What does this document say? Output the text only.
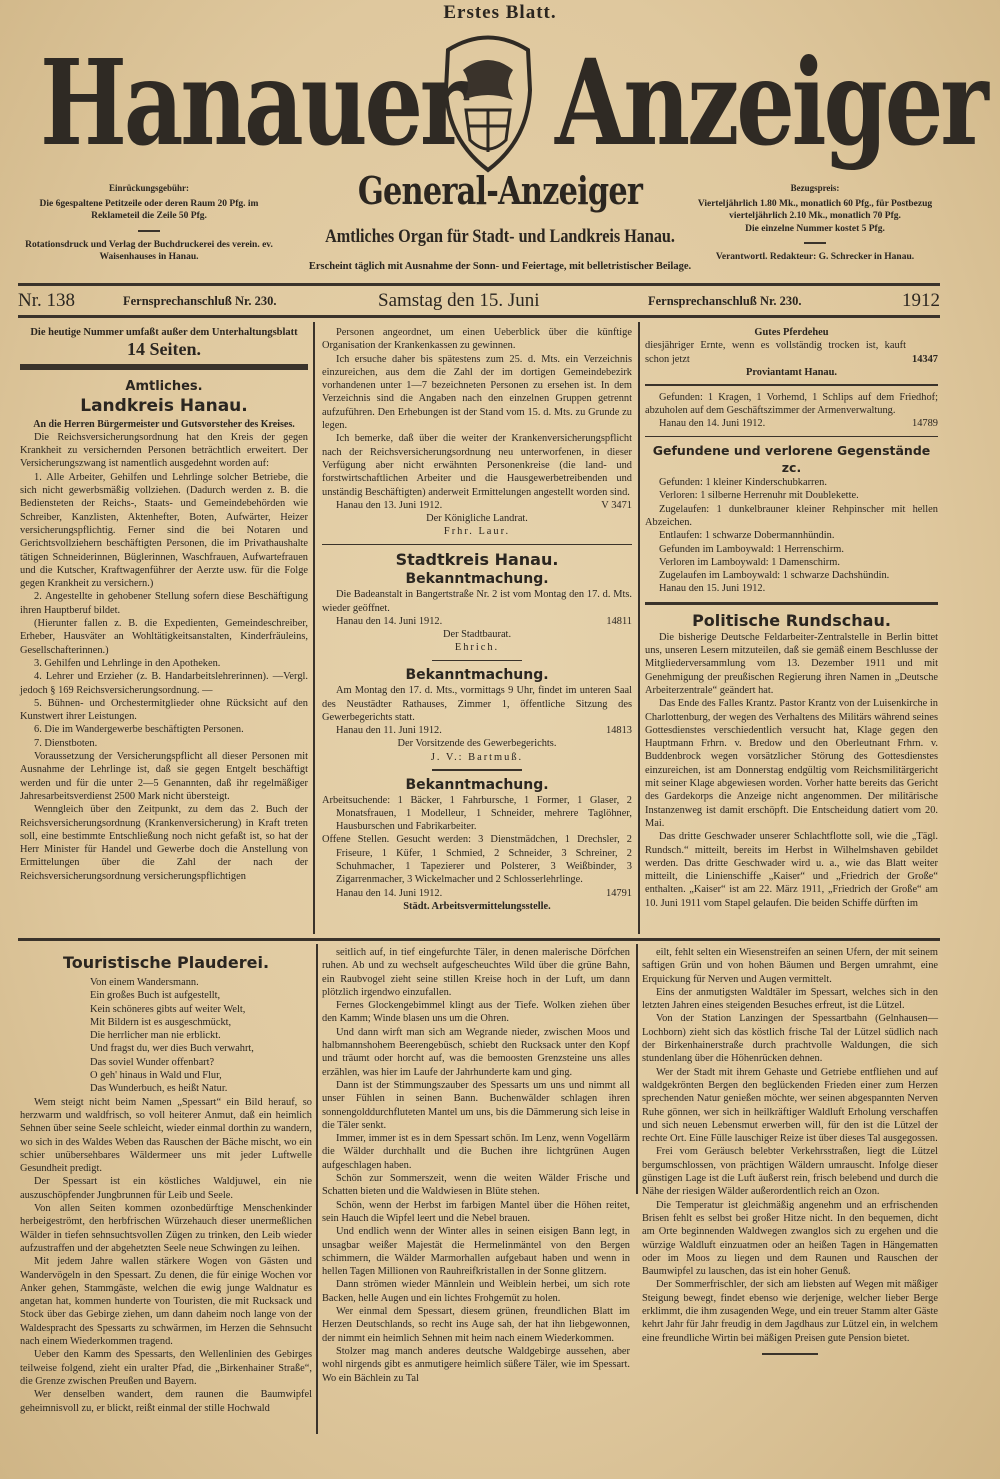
Erstes Blatt.
Hanauer Anzeiger
Einrückungsgebühr:
Die 6gespaltene Petitzeile oder deren Raum 20 Pfg. im Reklameteil die Zeile 50 Pfg.
Rotationsdruck und Verlag der Buchdruckerei des verein. ev. Waisenhauses in Hanau.
General-Anzeiger
Amtliches Organ für Stadt- und Landkreis Hanau.
Erscheint täglich mit Ausnahme der Sonn- und Feiertage, mit belletristischer Beilage.
Bezugspreis:
Vierteljährlich 1.80 Mk., monatlich 60 Pfg., für Postbezug vierteljährlich 2.10 Mk., monatlich 70 Pfg.
Die einzelne Nummer kostet 5 Pfg.
Verantwortl. Redakteur: G. Schrecker in Hanau.
Nr. 138	Fernsprechanschluß Nr. 230.	Samstag den 15. Juni	Fernsprechanschluß Nr. 230.	1912
Die heutige Nummer umfaßt außer dem Unterhaltungsblatt
14 Seiten.
Amtliches.
Landkreis Hanau.
An die Herren Bürgermeister und Gutsvorsteher des Kreises.

Die Reichsversicherungsordnung hat den Kreis der gegen Krankheit zu versichernden Personen beträchtlich erweitert. Der Versicherungszwang ist namentlich ausgedehnt worden auf:

1. Alle Arbeiter, Gehilfen und Lehrlinge solcher Betriebe, die sich nicht gewerbsmäßig vollziehen. (Dadurch werden z. B. die Bediensteten der Reichs-, Staats- und Gemeindebehörden wie Schreiber, Kanzlisten, Aktenhefter, Boten, Aufwärter, Heizer versicherungspflichtig. Ferner sind die bei Notaren und Gerichtsvollziehern beschäftigten Personen, die im Privathaushalte tätigen Schneiderinnen, Büglerinnen, Waschfrauen, Aufwartefrauen und die Kutscher, Kraftwagenführer der Aerzte usw. für die Folge gegen Krankheit zu versichern.)

2. Angestellte in gehobener Stellung sofern diese Beschäftigung ihren Hauptberuf bildet.

(Hierunter fallen z. B. die Expedienten, Gemeindeschreiber, Erheber, Hausväter an Wohltätigkeitsanstalten, Kinderfräuleins, Gesellschafterinnen.)

3. Gehilfen und Lehrlinge in den Apotheken.

4. Lehrer und Erzieher (z. B. Handarbeitslehrerinnen). —Vergl. jedoch § 169 Reichsversicherungsordnung. —

5. Bühnen- und Orchestermitglieder ohne Rücksicht auf den Kunstwert ihrer Leistungen.

6. Die im Wandergewerbe beschäftigten Personen.

7. Dienstboten.

Voraussetzung der Versicherungspflicht all dieser Personen mit Ausnahme der Lehrlinge ist, daß sie gegen Entgelt beschäftigt werden und für die unter 2—5 Genannten, daß ihr regelmäßiger Jahresarbeitsverdienst 2500 Mark nicht übersteigt.

Wenngleich über den Zeitpunkt, zu dem das 2. Buch der Reichsversicherungsordnung (Krankenversicherung) in Kraft treten soll, eine bestimmte Entschließung noch nicht gefaßt ist, so hat der Herr Minister für Handel und Gewerbe doch die Anstellung von Ermittelungen über die Zahl der nach der Reichsversicherungsordnung versicherungspflichtigen

Personen angeordnet, um einen Ueberblick über die künftige Organisation der Krankenkassen zu gewinnen.

Ich ersuche daher bis spätestens zum 25. d. Mts. ein Verzeichnis einzureichen, aus dem die Zahl der im dortigen Gemeindebezirk vorhandenen unter 1—7 bezeichneten Personen zu ersehen ist. In dem Verzeichnis sind die Angaben nach den einzelnen Gruppen getrennt aufzuführen. Den Erhebungen ist der Stand vom 15. d. Mts. zu Grunde zu legen.

Ich bemerke, daß über die weiter der Krankenversicherungspflicht nach der Reichsversicherungsordnung neu unterworfenen, in dieser Verfügung aber nicht erwähnten Personenkreise (die land- und forstwirtschaftlichen Arbeiter und die Hausgewerbetreibenden und unständig Beschäftigten) anderweit Ermittelungen angestellt worden sind.

Hanau den 13. Juni 1912.	V 3471
Der Königliche Landrat.
Frhr. Laur.
Stadtkreis Hanau.
Bekanntmachung.

Die Badeanstalt in Bangertstraße Nr. 2 ist vom Montag den 17. d. Mts. wieder geöffnet.

Hanau den 14. Juni 1912.	14811
Der Stadtbaurat.
Ehrich.
Bekanntmachung.

Am Montag den 17. d. Mts., vormittags 9 Uhr, findet im unteren Saal des Neustädter Rathauses, Zimmer 1, öffentliche Sitzung des Gewerbegerichts statt.

Hanau den 11. Juni 1912.	14813
Der Vorsitzende des Gewerbegerichts.
J. V.: Bartmuß.
Bekanntmachung.

Arbeitsuchende: 1 Bäcker, 1 Fahrbursche, 1 Former, 1 Glaser, 2 Monatsfrauen, 1 Modelleur, 1 Schneider, mehrere Taglöhner, Hausburschen und Fabrikarbeiter.

Offene Stellen. Gesucht werden: 3 Dienstmädchen, 1 Drechsler, 2 Friseure, 1 Küfer, 1 Schmied, 2 Schneider, 3 Schreiner, 2 Schuhmacher, 1 Tapezierer und Polsterer, 3 Weißbinder, 3 Zigarrenmacher, 3 Wickelmacher und 2 Schlosserlehrlinge.

Hanau den 14. Juni 1912.	14791
Städt. Arbeitsvermittelungsstelle.
Gutes Pferdeheu
diesjähriger Ernte, wenn es vollständig trocken ist, kauft schon jetzt	14347
Proviantamt Hanau.

Gefunden: 1 Kragen, 1 Vorhemd, 1 Schlips auf dem Friedhof; abzuholen auf dem Geschäftszimmer der Armenverwaltung.

Hanau den 14. Juni 1912.	14789
Gefundene und verlorene Gegenstände zc.

Gefunden: 1 kleiner Kinderschubkarren.

Verloren: 1 silberne Herrenuhr mit Doublekette.

Zugelaufen: 1 dunkelbrauner kleiner Rehpinscher mit hellen Abzeichen.

Entlaufen: 1 schwarze Dobermannhündin.

Gefunden im Lamboywald: 1 Herrenschirm.

Verloren im Lamboywald: 1 Damenschirm.

Zugelaufen im Lamboywald: 1 schwarze Dachshündin.

Hanau den 15. Juni 1912.

Politische Rundschau.

Die bisherige Deutsche Feldarbeiter-Zentralstelle in Berlin bittet uns, unseren Lesern mitzuteilen, daß sie gemäß einem Beschlusse der Mitgliederversammlung vom 13. Dezember 1911 und mit Genehmigung der preußischen Regierung ihren Namen in „Deutsche Arbeiterzentrale“ geändert hat.

Das Ende des Falles Krantz. Pastor Krantz von der Luisenkirche in Charlottenburg, der wegen des Verhaltens des Militärs während seines Gottesdienstes verschiedentlich versucht hat, Klage gegen den Hauptmann Frhrn. v. Bredow und den Oberleutnant Frhrn. v. Buddenbrock wegen vorsätzlicher Störung des Gottesdienstes einzureichen, ist am Donnerstag endgültig vom Reichsmilitärgericht mit seiner Klage abgewiesen worden. Vorher hatte bereits das Gericht des Gardekorps die Anzeige nicht angenommen. Der militärische Instanzenweg ist damit erschöpft. Die Entscheidung datiert vom 20. Mai.

Das dritte Geschwader unserer Schlachtflotte soll, wie die „Tägl. Rundsch.“ mitteilt, bereits im Herbst in Wilhelmshaven gebildet werden. Das dritte Geschwader wird u. a., wie das Blatt weiter mitteilt, die Linienschiffe „Kaiser“ und „Friedrich der Große“ enthalten. „Kaiser“ ist am 22. März 1911, „Friedrich der Große“ am 10. Juni 1911 vom Stapel gelaufen. Die beiden Schiffe dürften im

Touristische Plauderei.

Von einem Wandersmann.

Ein großes Buch ist aufgestellt,

Kein schöneres gibts auf weiter Welt,

Mit Bildern ist es ausgeschmückt,

Die herrlicher man nie erblickt.

Und fragst du, wer dies Buch verwahrt,

Das soviel Wunder offenbart?

O geh' hinaus in Wald und Flur,

Das Wunderbuch, es heißt Natur.

Wem steigt nicht beim Namen „Spessart“ ein Bild herauf, so herzwarm und waldfrisch, so voll heiterer Anmut, daß ein heimlich Sehnen über seine Seele schleicht, wieder einmal dorthin zu wandern, wo sich in des Waldes Weben das Rauschen der Bäche mischt, wo ein schier unübersehbares Wäldermeer uns mit jeder Luftwelle Gesundheit predigt.

Der Spessart ist ein köstliches Waldjuwel, ein nie auszuschöpfender Jungbrunnen für Leib und Seele.

Von allen Seiten kommen ozonbedürftige Menschenkinder herbeigeströmt, den herbfrischen Würzehauch dieser unermeßlichen Wälder in tiefen sehnsuchtsvollen Zügen zu trinken, den Leib wieder aufzustraffen und der abgehetzten Seele neue Schwingen zu leihen.

Mit jedem Jahre wallen stärkere Wogen von Gästen und Wandervögeln in den Spessart. Zu denen, die für einige Wochen vor Anker gehen, Stammgäste, welchen die ewig junge Waldnatur es angetan hat, kommen hunderte von Touristen, die mit Rucksack und Stock über das Gebirge ziehen, um dann daheim noch lange von der Waldespracht des Spessarts zu schwärmen, im Herzen die Sehnsucht nach einem Wiederkommen tragend.

Ueber den Kamm des Spessarts, den Wellenlinien des Gebirges teilweise folgend, zieht ein uralter Pfad, die „Birkenhainer Straße“, die Grenze zwischen Preußen und Bayern.

Wer denselben wandert, dem raunen die Baumwipfel geheimnisvoll zu, er blickt, reißt einmal der stille Hochwald

seitlich auf, in tief eingefurchte Täler, in denen malerische Dörfchen ruhen. Ab und zu wechselt aufgescheuchtes Wild über die grüne Bahn, ein Raubvogel zieht seine stillen Kreise hoch in der Luft, um dann plötzlich irgendwo einzufallen.

Fernes Glockengebimmel klingt aus der Tiefe. Wolken ziehen über den Kamm; Winde blasen uns um die Ohren.

Und dann wirft man sich am Wegrande nieder, zwischen Moos und halbmannshohem Beerengebüsch, schiebt den Rucksack unter den Kopf und träumt oder horcht auf, was die bemoosten Grenzsteine uns alles erzählen, was hier im Laufe der Jahrhunderte kam und ging.

Dann ist der Stimmungszauber des Spessarts um uns und nimmt all unser Fühlen in seinen Bann. Buchenwälder schlagen ihren sonnengolddurchfluteten Mantel um uns, bis die Dämmerung sich leise in die Täler senkt.

Immer, immer ist es in dem Spessart schön. Im Lenz, wenn Vogellärm die Wälder durchhallt und die Buchen ihre lichtgrünen Augen aufgeschlagen haben.

Schön zur Sommerszeit, wenn die weiten Wälder Frische und Schatten bieten und die Waldwiesen in Blüte stehen.

Schön, wenn der Herbst im farbigen Mantel über die Höhen reitet, sein Hauch die Wipfel leert und die Nebel brauen.

Und endlich wenn der Winter alles in seinen eisigen Bann legt, in unsagbar weißer Majestät die Hermelinmäntel von den Bergen schimmern, die Wälder Marmorhallen aufgebaut haben und wenn in hellen Tagen Millionen von Rauhreifkristallen in der Sonne glitzern.

Dann strömen wieder Männlein und Weiblein herbei, um sich rote Backen, helle Augen und ein lichtes Frohgemüt zu holen.

Wer einmal dem Spessart, diesem grünen, freundlichen Blatt im Herzen Deutschlands, so recht ins Auge sah, der hat ihn liebgewonnen, der nimmt ein heimlich Sehnen mit heim nach einem Wiederkommen.

Stolzer mag manch anderes deutsche Waldgebirge aussehen, aber wohl nirgends gibt es anmutigere heimlich süßere Täler, wie im Spessart. Wo ein Bächlein zu Tal

eilt, fehlt selten ein Wiesenstreifen an seinen Ufern, der mit seinem saftigen Grün und von hohen Bäumen und Bergen umrahmt, eine Erquickung für Nerven und Augen vermittelt.

Eins der anmutigsten Waldtäler im Spessart, welches sich in den letzten Jahren eines steigenden Besuches erfreut, ist die Lützel.

Von der Station Lanzingen der Spessartbahn (Gelnhausen—Lochborn) zieht sich das köstlich frische Tal der Lützel südlich nach der Birkenhainerstraße durch prachtvolle Waldungen, die sich stundenlang über die Höhenrücken dehnen.

Wer der Stadt mit ihrem Gehaste und Getriebe entfliehen und auf waldgekrönten Bergen den beglückenden Frieden einer zum Herzen sprechenden Natur genießen möchte, wer seinen abgespannten Nerven Ruhe gönnen, wer sich in heilkräftiger Waldluft Erholung verschaffen und sich neuen Lebensmut erwerben will, für den ist die Lützel der rechte Ort. Eine Fülle lauschiger Reize ist über dieses Tal ausgegossen.

Frei vom Geräusch belebter Verkehrsstraßen, liegt die Lützel bergumschlossen, von prächtigen Wäldern umrauscht. Infolge dieser günstigen Lage ist die Luft äußerst rein, frisch belebend und durch die Nähe der riesigen Wälder außerordentlich reich an Ozon.

Die Temperatur ist gleichmäßig angenehm und an erfrischenden Brisen fehlt es selbst bei großer Hitze nicht. In den bequemen, dicht am Orte beginnenden Waldwegen zwanglos sich zu ergehen und die würzige Waldluft einzuatmen oder an heißen Tagen in Hängematten oder im Moos zu liegen und dem Raunen und Rauschen der Baumwipfel zu lauschen, das ist ein hoher Genuß.

Der Sommerfrischler, der sich am liebsten auf Wegen mit mäßiger Steigung bewegt, findet ebenso wie derjenige, welcher lieber Berge erklimmt, die ihm zusagenden Wege, und ein treuer Stamm alter Gäste kehrt Jahr für Jahr freudig in dem Jagdhaus zur Lützel ein, in welchem eine freundliche Wirtin bei mäßigen Preisen gute Pension bietet.
